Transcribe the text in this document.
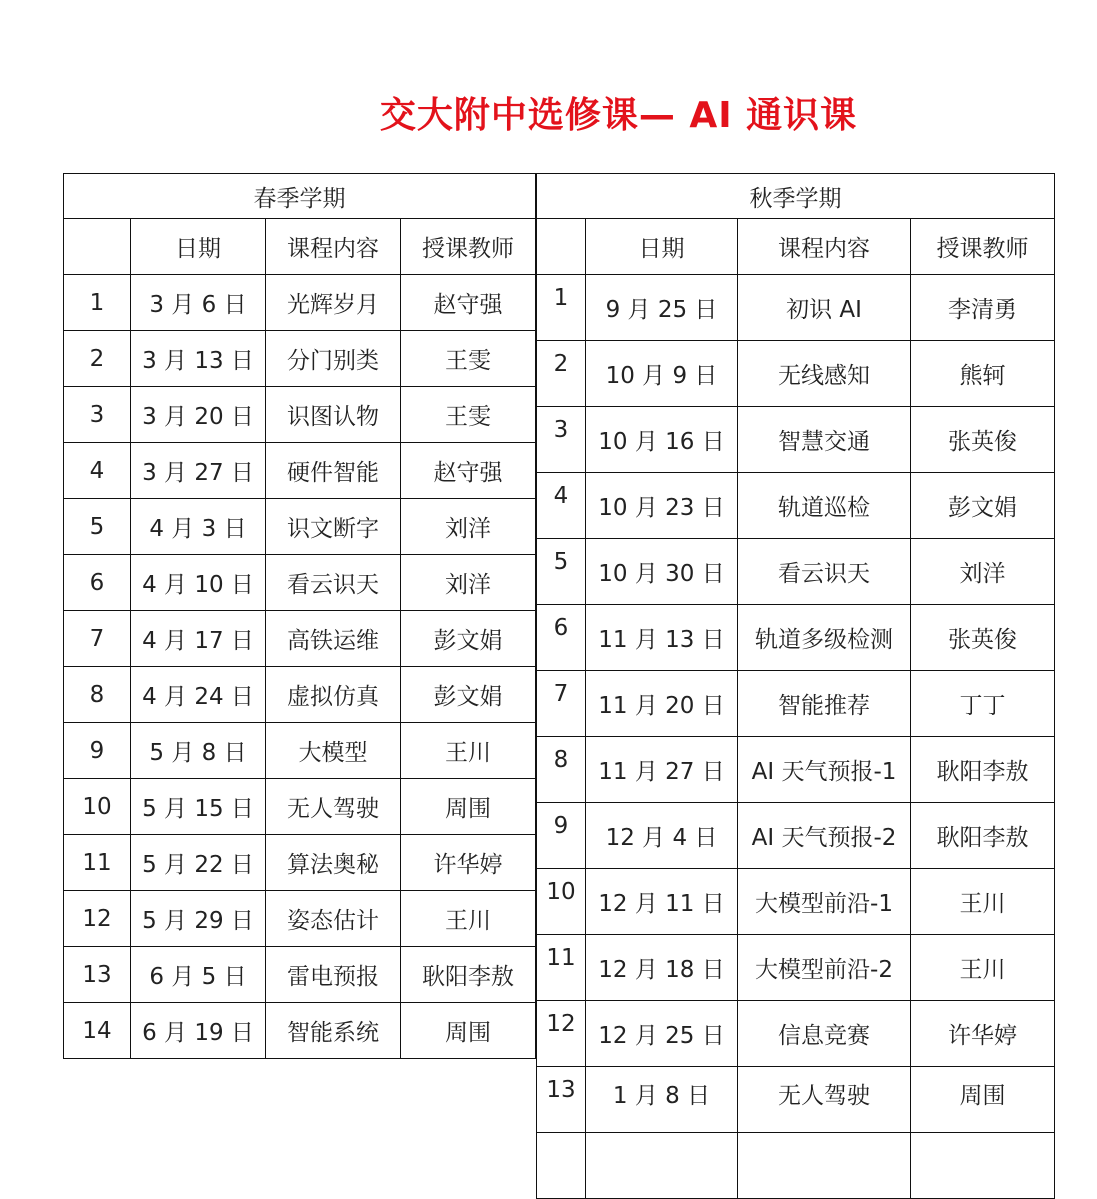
交大附中选修课— AI 通识课
春季学期			
	日期	课程内容	授课教师
1	3 月 6 日	光辉岁月	赵守强
2	3 月 13 日	分门别类	王雯
3	3 月 20 日	识图认物	王雯
4	3 月 27 日	硬件智能	赵守强
5	4 月 3 日	识文断字	刘洋
6	4 月 10 日	看云识天	刘洋
7	4 月 17 日	高铁运维	彭文娟
8	4 月 24 日	虚拟仿真	彭文娟
9	5 月 8 日	大模型	王川
10	5 月 15 日	无人驾驶	周围
11	5 月 22 日	算法奥秘	许华婷
12	5 月 29 日	姿态估计	王川
13	6 月 5 日	雷电预报	耿阳李敖
14	6 月 19 日	智能系统	周围
秋季学期			
	日期	课程内容	授课教师
1	9 月 25 日	初识 AI	李清勇
2	10 月 9 日	无线感知	熊轲
3	10 月 16 日	智慧交通	张英俊
4	10 月 23 日	轨道巡检	彭文娟
5	10 月 30 日	看云识天	刘洋
6	11 月 13 日	轨道多级检测	张英俊
7	11 月 20 日	智能推荐	丁丁
8	11 月 27 日	AI 天气预报-1	耿阳李敖
9	12 月 4 日	AI 天气预报-2	耿阳李敖
10	12 月 11 日	大模型前沿-1	王川
11	12 月 18 日	大模型前沿-2	王川
12	12 月 25 日	信息竞赛	许华婷
13	1 月 8 日	无人驾驶	周围
